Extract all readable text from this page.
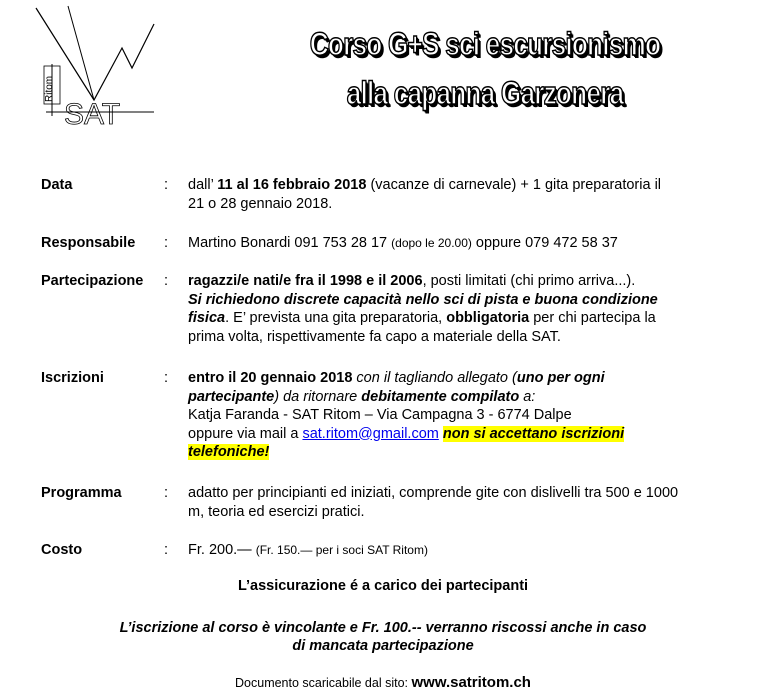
Ritom
SAT
Corso G+S sci escursionismo
alla capanna Garzonera
Data	: dall’ 11 al 16 febbraio 2018 (vacanze di carnevale) + 1 gita preparatoria il
21 o 28 gennaio 2018.
Responsabile : Martino Bonardi 091 753 28 17 (dopo le 20.00) oppure 079 472 58 37
Partecipazione : ragazzi/e nati/e fra il 1998 e il 2006, posti limitati (chi primo arriva...).
Si richiedono discrete capacità nello sci di pista e buona condizione
fisica. E’ prevista una gita preparatoria, obbligatoria per chi partecipa la
prima volta, rispettivamente fa capo a materiale della SAT.
Iscrizioni	: entro il 20 gennaio 2018 con il tagliando allegato (uno per ogni
partecipante) da ritornare debitamente compilato a:
Katja Faranda - SAT Ritom – Via Campagna 3 - 6774 Dalpe
oppure via mail a sat.ritom@gmail.com non si accettano iscrizioni
telefoniche!
Programma	: adatto per principianti ed iniziati, comprende gite con dislivelli tra 500 e 1000
m, teoria ed esercizi pratici.
Costo	: Fr. 200.— (Fr. 150.— per i soci SAT Ritom)
L’assicurazione é a carico dei partecipanti
L’iscrizione al corso è vincolante e Fr. 100.-- verranno riscossi anche in caso
di mancata partecipazione
Documento scaricabile dal sito: www.satritom.ch
